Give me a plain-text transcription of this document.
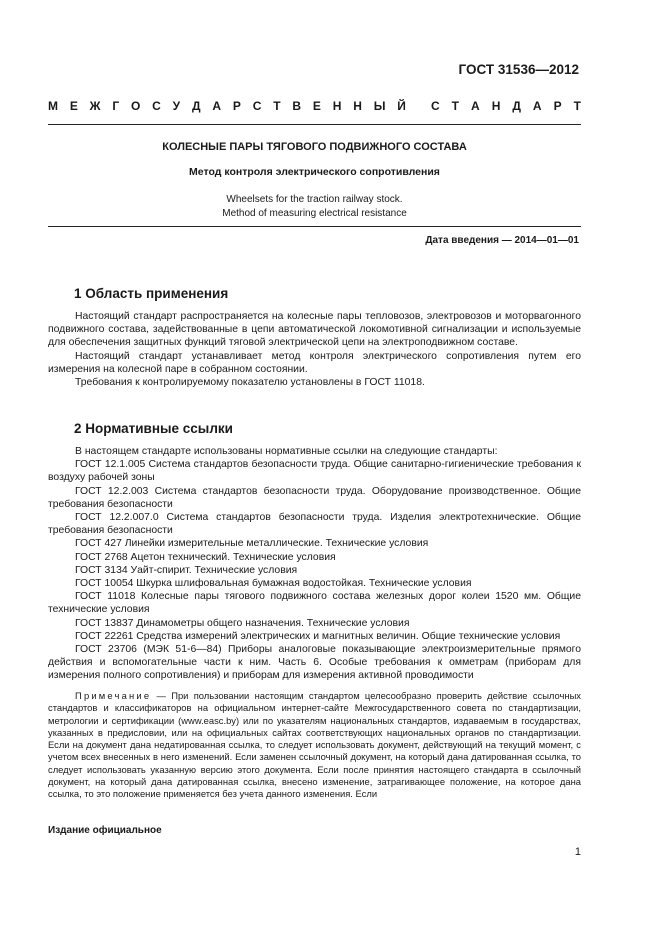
ГОСТ 31536—2012
М Е Ж Г О С У Д А Р С Т В Е Н Н Ы Й С Т А Н Д А Р Т
КОЛЕСНЫЕ ПАРЫ ТЯГОВОГО ПОДВИЖНОГО СОСТАВА
Метод контроля электрического сопротивления
Wheelsets for the traction railway stock.
Method of measuring electrical resistance
Дата введения — 2014—01—01
1 Область применения

Настоящий стандарт распространяется на колесные пары тепловозов, электровозов и моторвагонного подвижного состава, задействованные в цепи автоматической локомотивной сигнализации и используемые для обеспечения защитных функций тяговой электрической цепи на электроподвижном составе.

Настоящий стандарт устанавливает метод контроля электрического сопротивления путем его измерения на колесной паре в собранном состоянии.

Требования к контролируемому показателю установлены в ГОСТ 11018.

2 Нормативные ссылки

В настоящем стандарте использованы нормативные ссылки на следующие стандарты:

ГОСТ 12.1.005 Система стандартов безопасности труда. Общие санитарно-гигиенические требования к воздуху рабочей зоны

ГОСТ 12.2.003 Система стандартов безопасности труда. Оборудование производственное. Общие требования безопасности

ГОСТ 12.2.007.0 Система стандартов безопасности труда. Изделия электротехнические. Общие требования безопасности

ГОСТ 427 Линейки измерительные металлические. Технические условия

ГОСТ 2768 Ацетон технический. Технические условия

ГОСТ 3134 Уайт-спирит. Технические условия

ГОСТ 10054 Шкурка шлифовальная бумажная водостойкая. Технические условия

ГОСТ 11018 Колесные пары тягового подвижного состава железных дорог колеи 1520 мм. Общие технические условия

ГОСТ 13837 Динамометры общего назначения. Технические условия

ГОСТ 22261 Средства измерений электрических и магнитных величин. Общие технические условия

ГОСТ 23706 (МЭК 51-6—84) Приборы аналоговые показывающие электроизмерительные прямого действия и вспомогательные части к ним. Часть 6. Особые требования к омметрам (приборам для измерения полного сопротивления) и приборам для измерения активной проводимости

Примечание — При пользовании настоящим стандартом целесообразно проверить действие ссылочных стандартов и классификаторов на официальном интернет-сайте Межгосударственного совета по стандартизации, метрологии и сертификации (www.easc.by) или по указателям национальных стандартов, издаваемым в государствах, указанных в предисловии, или на официальных сайтах соответствующих национальных органов по стандартизации. Если на документ дана недатированная ссылка, то следует использовать документ, действующий на текущий момент, с учетом всех внесенных в него изменений. Если заменен ссылочный документ, на который дана датированная ссылка, то следует использовать указанную версию этого документа. Если после принятия настоящего стандарта в ссылочный документ, на который дана датированная ссылка, внесено изменение, затрагивающее положение, на которое дана ссылка, то это положение применяется без учета данного изменения. Если

Издание официальное
1
